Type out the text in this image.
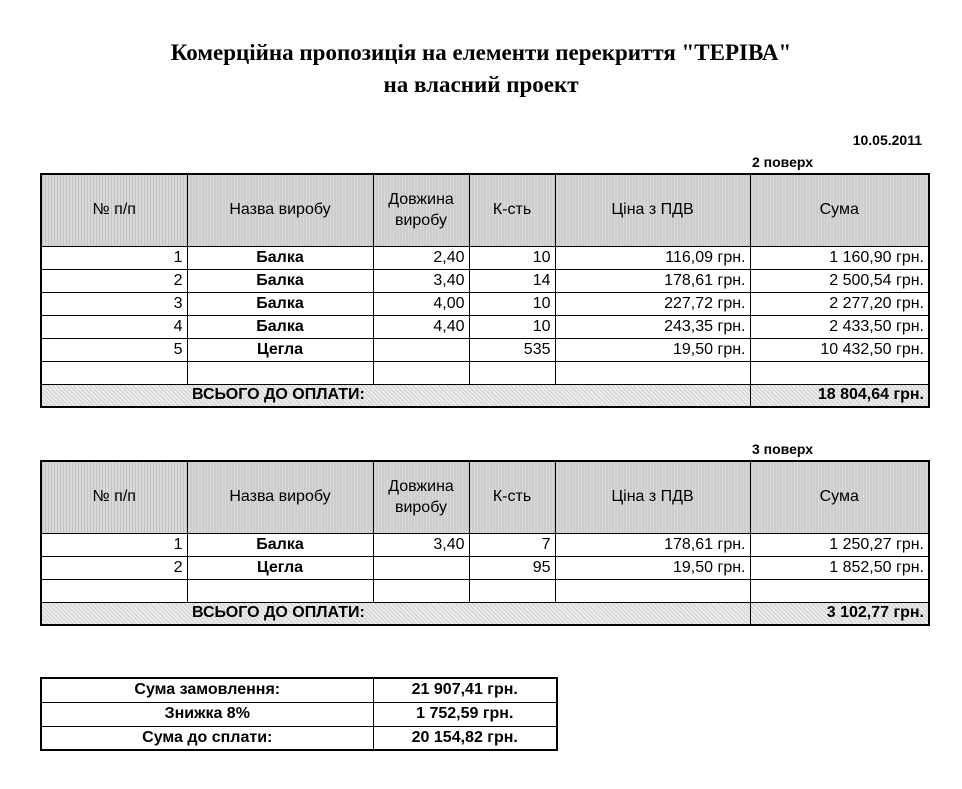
Комерційна пропозиція на елементи перекриття "ТЕРІВА"
на власний проект
10.05.2011
2 поверх
№ п/п	Назва виробу	Довжина виробу	К-сть	Ціна з ПДВ	Сума
1	Балка	2,40	10	116,09 грн.	1 160,90 грн.
2	Балка	3,40	14	178,61 грн.	2 500,54 грн.
3	Балка	4,00	10	227,72 грн.	2 277,20 грн.
4	Балка	4,40	10	243,35 грн.	2 433,50 грн.
5	Цегла		535	19,50 грн.	10 432,50 грн.

ВСЬОГО ДО ОПЛАТИ:					18 804,64 грн.
3 поверх
№ п/п	Назва виробу	Довжина виробу	К-сть	Ціна з ПДВ	Сума
1	Балка	3,40	7	178,61 грн.	1 250,27 грн.
2	Цегла		95	19,50 грн.	1 852,50 грн.

ВСЬОГО ДО ОПЛАТИ:					3 102,77 грн.
Сума замовлення:	21 907,41 грн.
Знижка 8%	1 752,59 грн.
Сума до сплати:	20 154,82 грн.
